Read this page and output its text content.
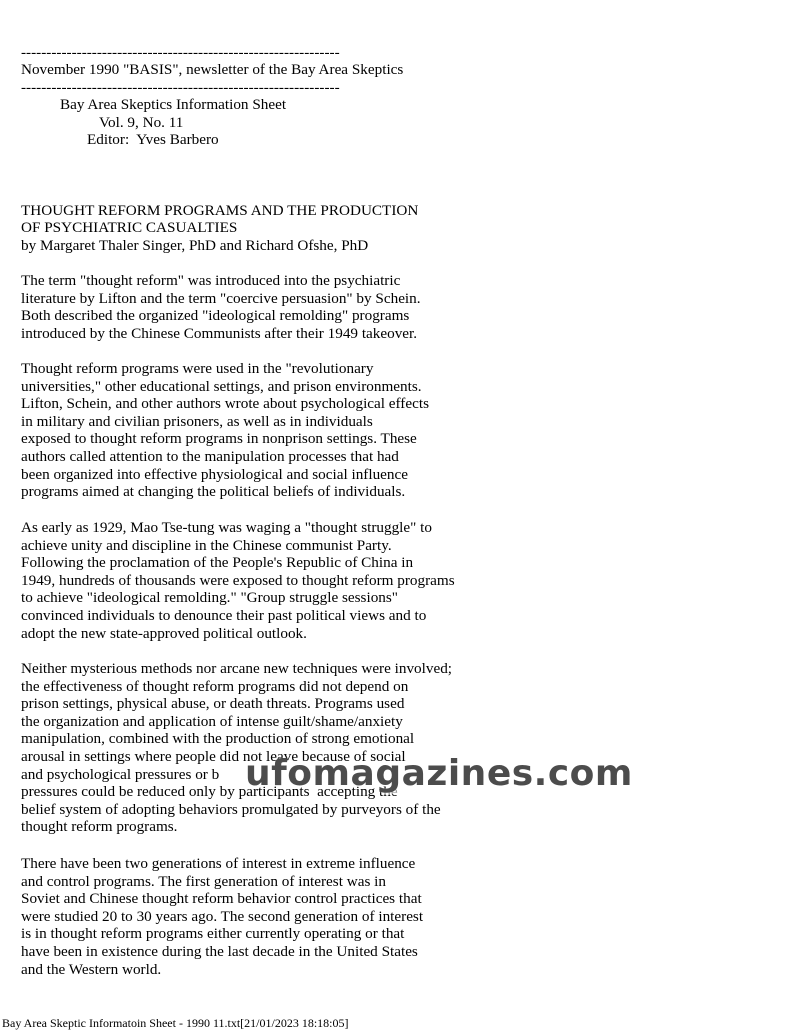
---------------------------------------------------------------
November 1990 "BASIS", newsletter of the Bay Area Skeptics
---------------------------------------------------------------
Bay Area Skeptics Information Sheet
Vol. 9, No. 11
Editor:  Yves Barbero
THOUGHT REFORM PROGRAMS AND THE PRODUCTION
OF PSYCHIATRIC CASUALTIES
by Margaret Thaler Singer, PhD and Richard Ofshe, PhD
The term "thought reform" was introduced into the psychiatric
literature by Lifton and the term "coercive persuasion" by Schein.
Both described the organized "ideological remolding" programs
introduced by the Chinese Communists after their 1949 takeover.
Thought reform programs were used in the "revolutionary
universities," other educational settings, and prison environments.
Lifton, Schein, and other authors wrote about psychological effects
in military and civilian prisoners, as well as in individuals
exposed to thought reform programs in nonprison settings. These
authors called attention to the manipulation processes that had
been organized into effective physiological and social influence
programs aimed at changing the political beliefs of individuals.
As early as 1929, Mao Tse-tung was waging a "thought struggle" to
achieve unity and discipline in the Chinese communist Party.
Following the proclamation of the People's Republic of China in
1949, hundreds of thousands were exposed to thought reform programs
to achieve "ideological remolding." "Group struggle sessions"
convinced individuals to denounce their past political views and to
adopt the new state-approved political outlook.
Neither mysterious methods nor arcane new techniques were involved;
the effectiveness of thought reform programs did not depend on
prison settings, physical abuse, or death threats. Programs used
the organization and application of intense guilt/shame/anxiety
manipulation, combined with the production of strong emotional
arousal in settings where people did not leave because of social
and psychological pressures or b
pressures could be reduced only by participants  accepting the
belief system of adopting behaviors promulgated by purveyors of the
thought reform programs.
There have been two generations of interest in extreme influence
and control programs. The first generation of interest was in
Soviet and Chinese thought reform behavior control practices that
were studied 20 to 30 years ago. The second generation of interest
is in thought reform programs either currently operating or that
have been in existence during the last decade in the United States
and the Western world.
ufomagazines.com
Bay Area Skeptic Informatoin Sheet - 1990 11.txt[21/01/2023 18:18:05]
